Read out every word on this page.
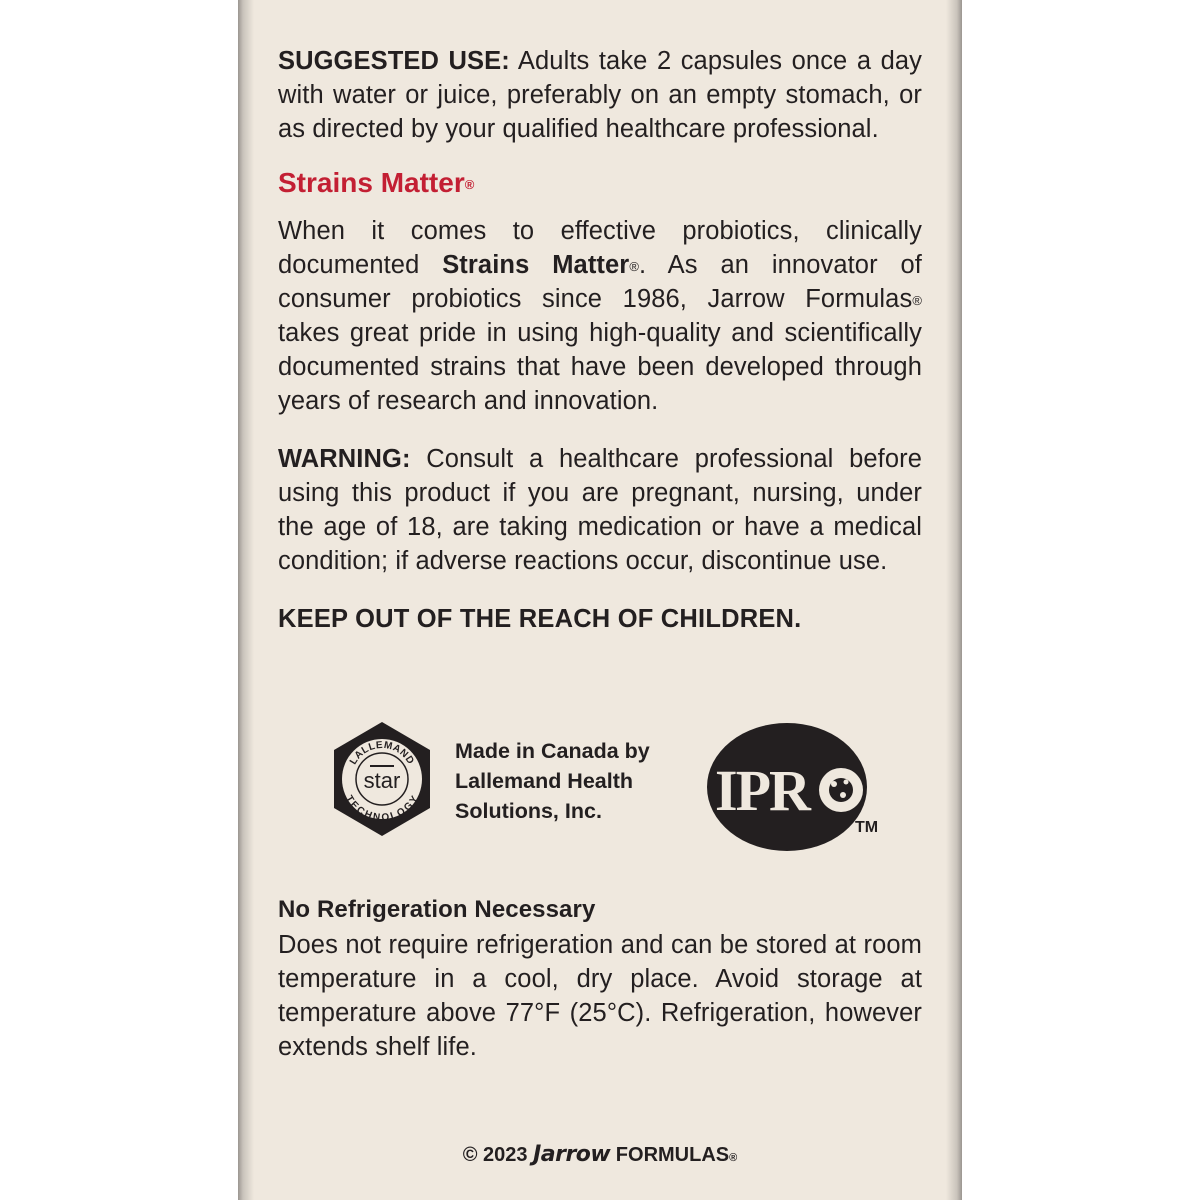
SUGGESTED USE: Adults take 2 capsules once a day with water or juice, preferably on an empty stomach, or as directed by your qualified healthcare professional.

Strains Matter®

When it comes to effective probiotics, clinically documented Strains Matter®. As an innovator of consumer probiotics since 1986, Jarrow Formulas® takes great pride in using high-quality and scientifically documented strains that have been developed through years of research and innovation.

WARNING: Consult a healthcare professional before using this product if you are pregnant, nursing, under the age of 18, are taking medication or have a medical condition; if adverse reactions occur, discontinue use.

KEEP OUT OF THE REACH OF CHILDREN.

LALLEMAND
TECHNOLOGY
star
Made in Canada by
Lallemand Health
Solutions, Inc.	IPR
TM
No Refrigeration Necessary

Does not require refrigeration and can be stored at room temperature in a cool, dry place. Avoid storage at temperature above 77°F (25°C). Refrigeration, however extends shelf life.

© 2023 Jarrow FORMULAS®
